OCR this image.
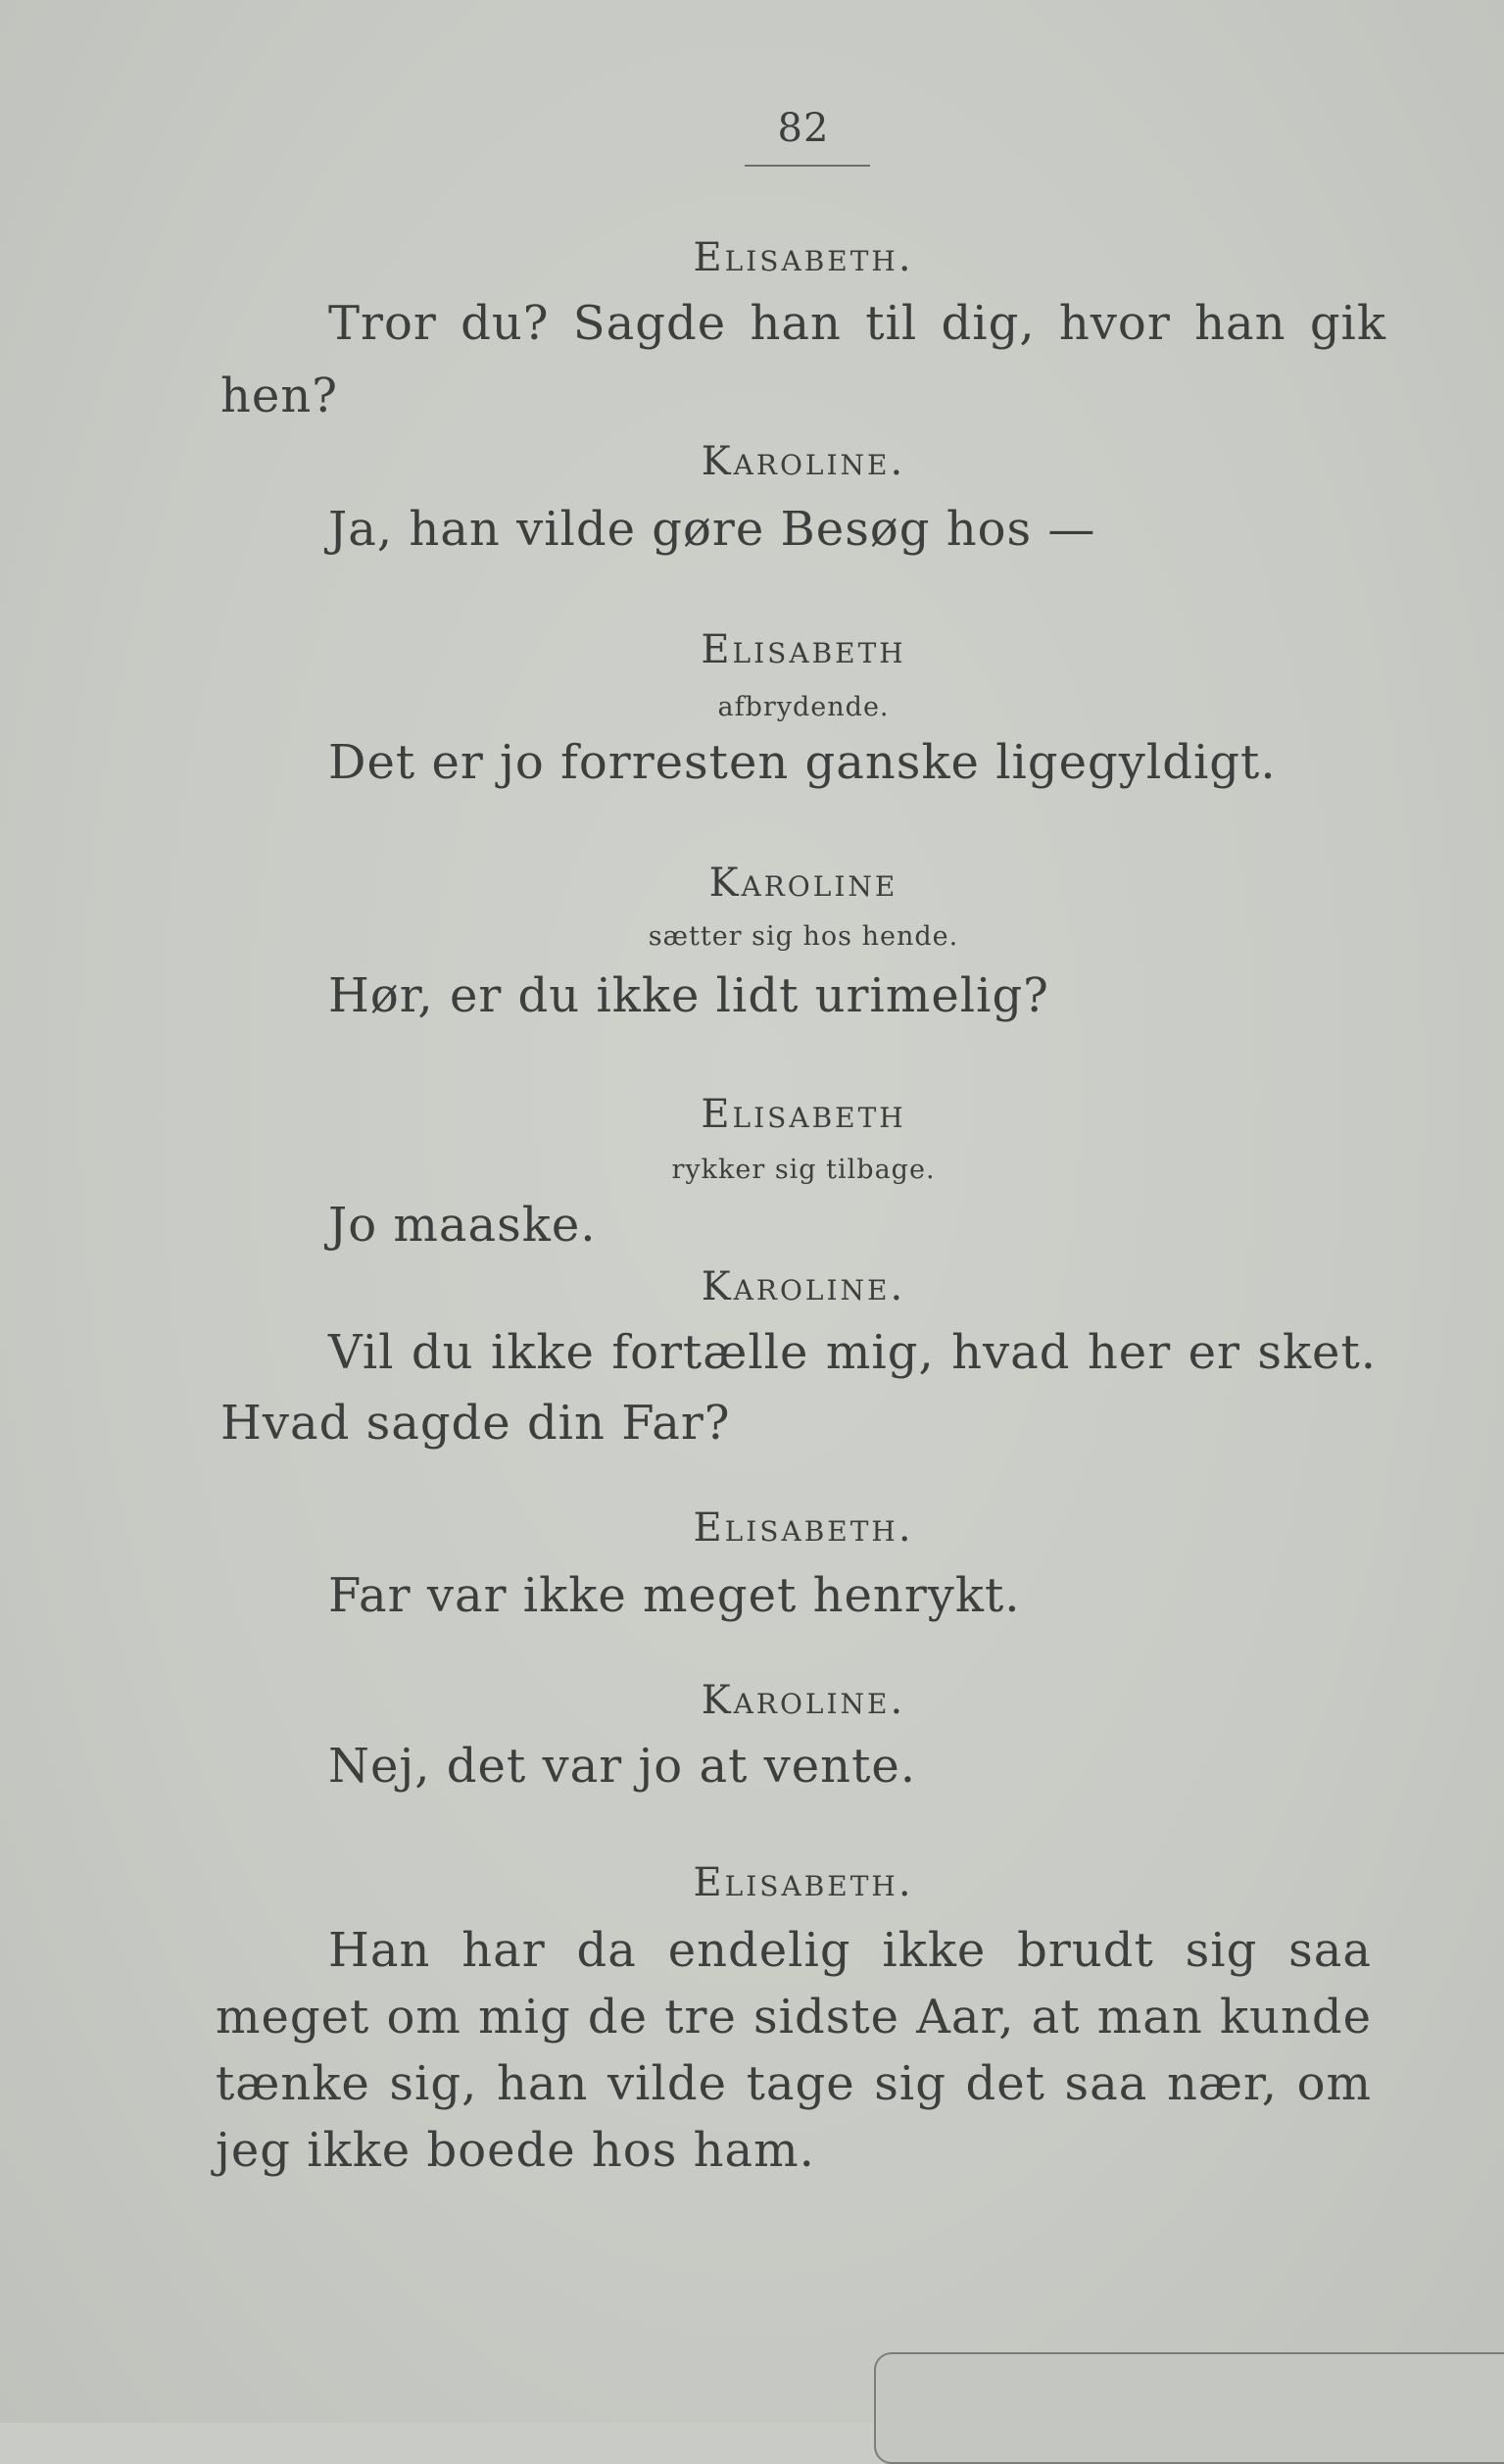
82
Elisabeth.
Tror du? Sagde han til dig, hvor han gik
hen?
Karoline.
Ja, han vilde gøre Besøg hos —
Elisabeth
afbrydende.
Det er jo forresten ganske ligegyldigt.
Karoline
sætter sig hos hende.
Hør, er du ikke lidt urimelig?
Elisabeth
rykker sig tilbage.
Jo maaske.
Karoline.
Vil du ikke fortælle mig, hvad her er sket.
Hvad sagde din Far?
Elisabeth.
Far var ikke meget henrykt.
Karoline.
Nej, det var jo at vente.
Elisabeth.
Han har da endelig ikke brudt sig saa
meget om mig de tre sidste Aar, at man kunde
tænke sig, han vilde tage sig det saa nær, om
jeg ikke boede hos ham.
